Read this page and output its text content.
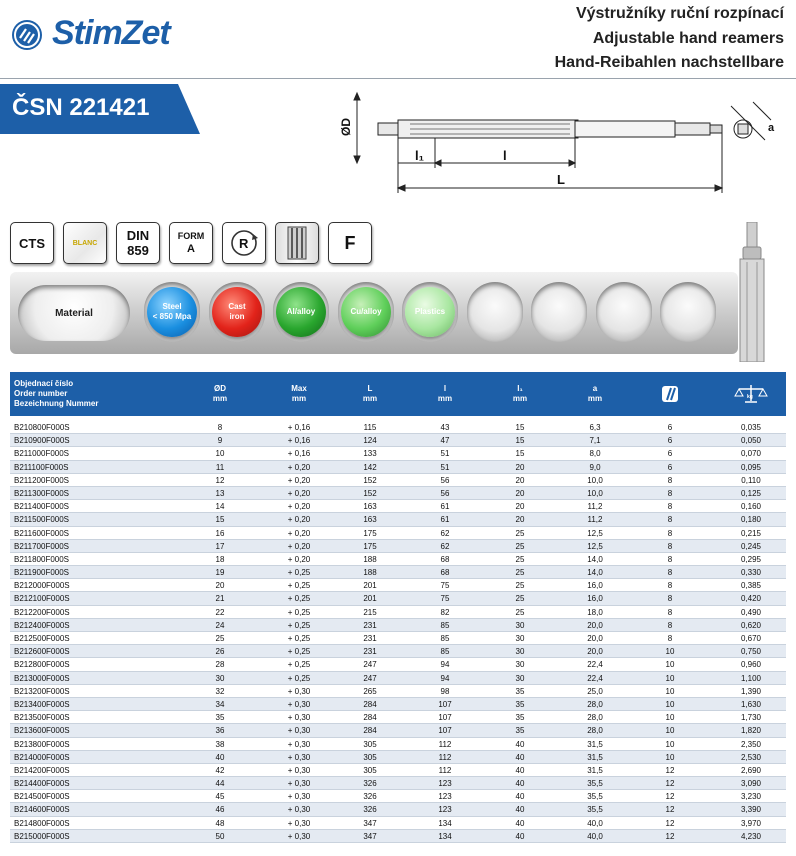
StimZet
Výstružníky ruční rozpínací
Adjustable hand reamers
Hand-Reibahlen nachstellbare
ČSN 221421
ØD
l₁	l
L
a
CTS	BLANC DIN
859
FORM
A	R	F
Material
Steel
< 850 Mpa
Cast
iron
Al/alloy	Cu/alloy	Plastics
Objednací číslo
Order number
Bezeichnung Nummer
ØD
mm
Max
mm
L
mm
l
mm
l₁
mm
a
mm	kg
B210800F000S	8	+ 0,16	115	43	15	6,3	6	0,035
B210900F000S	9	+ 0,16	124	47	15	7,1	6	0,050
B211000F000S	10	+ 0,16	133	51	15	8,0	6	0,070
B211100F000S	11	+ 0,20	142	51	20	9,0	6	0,095
B211200F000S	12	+ 0,20	152	56	20	10,0	8	0,110
B211300F000S	13	+ 0,20	152	56	20	10,0	8	0,125
B211400F000S	14	+ 0,20	163	61	20	11,2	8	0,160
B211500F000S	15	+ 0,20	163	61	20	11,2	8	0,180
B211600F000S	16	+ 0,20	175	62	25	12,5	8	0,215
B211700F000S	17	+ 0,20	175	62	25	12,5	8	0,245
B211800F000S	18	+ 0,20	188	68	25	14,0	8	0,295
B211900F000S	19	+ 0,25	188	68	25	14,0	8	0,330
B212000F000S	20	+ 0,25	201	75	25	16,0	8	0,385
B212100F000S	21	+ 0,25	201	75	25	16,0	8	0,420
B212200F000S	22	+ 0,25	215	82	25	18,0	8	0,490
B212400F000S	24	+ 0,25	231	85	30	20,0	8	0,620
B212500F000S	25	+ 0,25	231	85	30	20,0	8	0,670
B212600F000S	26	+ 0,25	231	85	30	20,0	10	0,750
B212800F000S	28	+ 0,25	247	94	30	22,4	10	0,960
B213000F000S	30	+ 0,25	247	94	30	22,4	10	1,100
B213200F000S	32	+ 0,30	265	98	35	25,0	10	1,390
B213400F000S	34	+ 0,30	284	107	35	28,0	10	1,630
B213500F000S	35	+ 0,30	284	107	35	28,0	10	1,730
B213600F000S	36	+ 0,30	284	107	35	28,0	10	1,820
B213800F000S	38	+ 0,30	305	112	40	31,5	10	2,350
B214000F000S	40	+ 0,30	305	112	40	31,5	10	2,530
B214200F000S	42	+ 0,30	305	112	40	31,5	12	2,690
B214400F000S	44	+ 0,30	326	123	40	35,5	12	3,090
B214500F000S	45	+ 0,30	326	123	40	35,5	12	3,230
B214600F000S	46	+ 0,30	326	123	40	35,5	12	3,390
B214800F000S	48	+ 0,30	347	134	40	40,0	12	3,970
B215000F000S	50	+ 0,30	347	134	40	40,0	12	4,230
